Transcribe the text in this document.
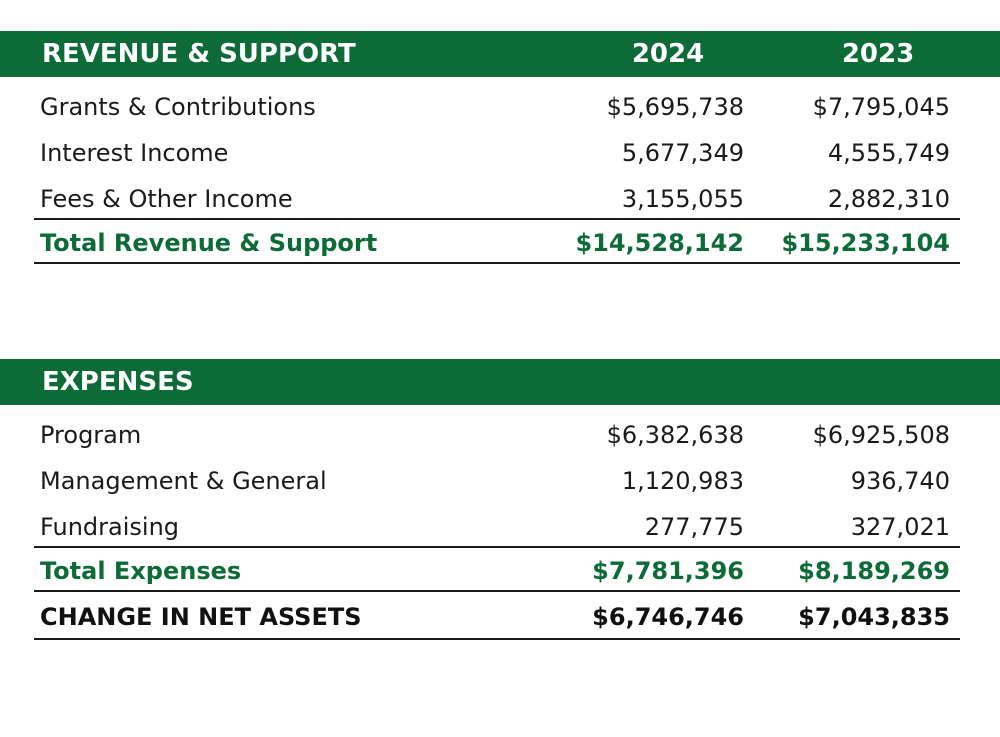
REVENUE & SUPPORT	2024	2023
Grants & Contributions	$5,695,738	$7,795,045
Interest Income	5,677,349	4,555,749
Fees & Other Income	3,155,055	2,882,310
Total Revenue & Support	$14,528,142 $15,233,104
EXPENSES
Program	$6,382,638	$6,925,508
Management & General	1,120,983	936,740
Fundraising	277,775	327,021
Total Expenses	$7,781,396 $8,189,269
CHANGE IN NET ASSETS	$6,746,746 $7,043,835
